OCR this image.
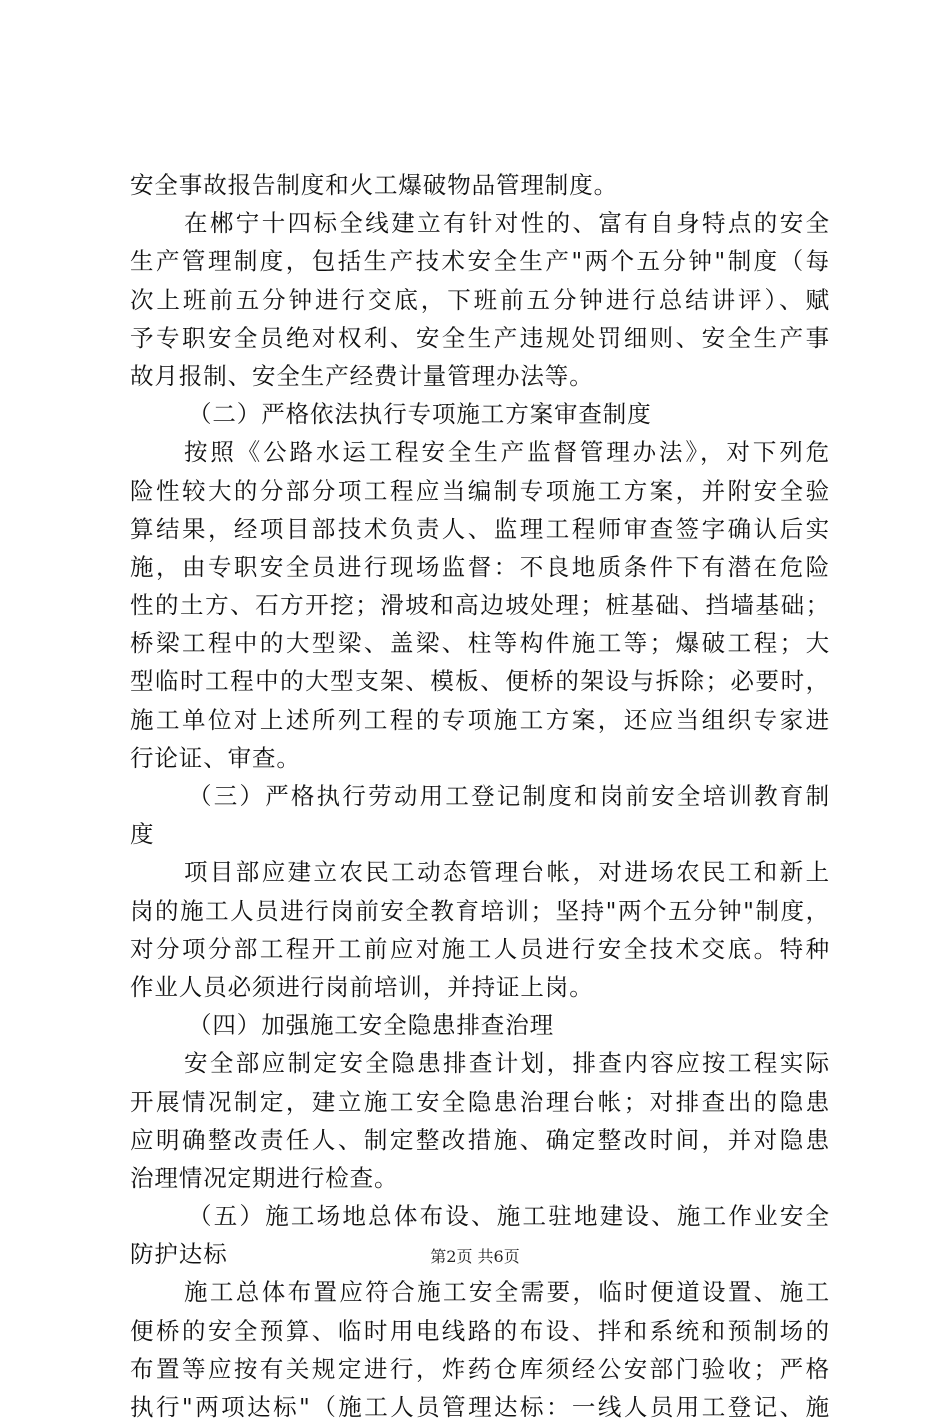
安全事故报告制度和火工爆破物品管理制度。
在郴宁十四标全线建立有针对性的、富有自身特点的安全
生产管理制度，包括生产技术安全生产"两个五分钟"制度（每
次上班前五分钟进行交底，下班前五分钟进行总结讲评）、赋
予专职安全员绝对权利、安全生产违规处罚细则、安全生产事
故月报制、安全生产经费计量管理办法等。
（二）严格依法执行专项施工方案审查制度
按照《公路水运工程安全生产监督管理办法》，对下列危
险性较大的分部分项工程应当编制专项施工方案，并附安全验
算结果，经项目部技术负责人、监理工程师审查签字确认后实
施，由专职安全员进行现场监督：不良地质条件下有潜在危险
性的土方、石方开挖；滑坡和高边坡处理；桩基础、挡墙基础；
桥梁工程中的大型梁、盖梁、柱等构件施工等；爆破工程；大
型临时工程中的大型支架、模板、便桥的架设与拆除；必要时，
施工单位对上述所列工程的专项施工方案，还应当组织专家进
行论证、审查。
（三）严格执行劳动用工登记制度和岗前安全培训教育制
度
项目部应建立农民工动态管理台帐，对进场农民工和新上
岗的施工人员进行岗前安全教育培训；坚持"两个五分钟"制度，
对分项分部工程开工前应对施工人员进行安全技术交底。特种
作业人员必须进行岗前培训，并持证上岗。
（四）加强施工安全隐患排查治理
安全部应制定安全隐患排查计划，排查内容应按工程实际
开展情况制定，建立施工安全隐患治理台帐；对排查出的隐患
应明确整改责任人、制定整改措施、确定整改时间，并对隐患
治理情况定期进行检查。
（五）施工场地总体布设、施工驻地建设、施工作业安全
防护达标
施工总体布置应符合施工安全需要，临时便道设置、施工
便桥的安全预算、临时用电线路的布设、拌和系统和预制场的
布置等应按有关规定进行，炸药仓库须经公安部门验收；严格
执行"两项达标"（施工人员管理达标：一线人员用工登记、施
第2页 共6页
